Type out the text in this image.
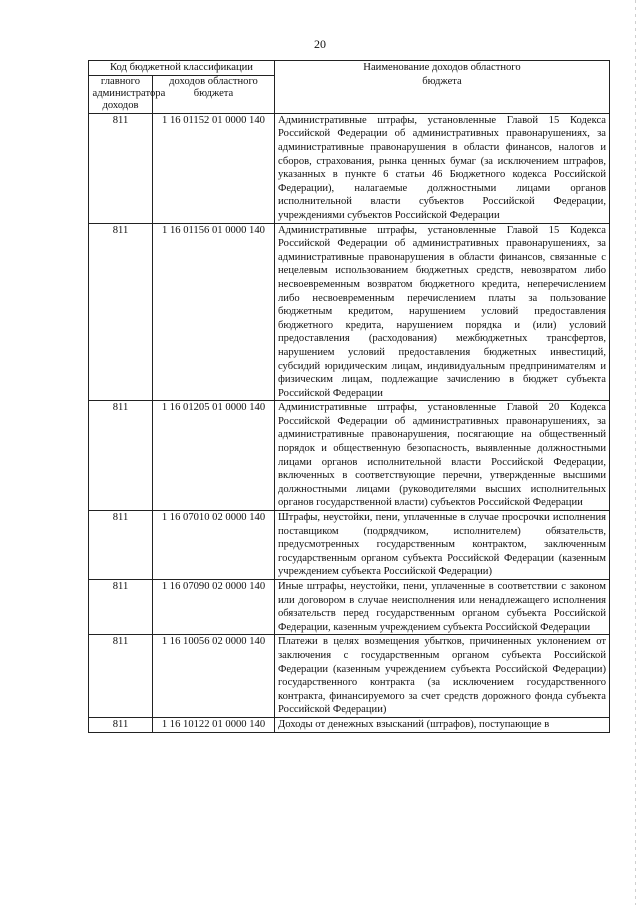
20
Код бюджетной классификации		Наименование доходов областного бюджета

главного администратора доходов	доходов областного бюджета	

811	1 16 01152 01 0000 140	Административные штрафы, установленные Главой 15 Кодекса Российской Федерации об административных правонарушениях, за административные правонарушения в области финансов, налогов и сборов, страхования, рынка ценных бумаг (за исключением штрафов, указанных в пункте 6 статьи 46 Бюджетного кодекса Российской Федерации), налагаемые должностными лицами органов исполнительной власти субъектов Российской Федерации, учреждениями субъектов Российской Федерации
811	1 16 01156 01 0000 140	Административные штрафы, установленные Главой 15 Кодекса Российской Федерации об административных правонарушениях, за административные правонарушения в области финансов, связанные с нецелевым использованием бюджетных средств, невозвратом либо несвоевременным возвратом бюджетного кредита, неперечислением либо несвоевременным перечислением платы за пользование бюджетным кредитом, нарушением условий предоставления бюджетного кредита, нарушением порядка и (или) условий предоставления (расходования) межбюджетных трансфертов, нарушением условий предоставления бюджетных инвестиций, субсидий юридическим лицам, индивидуальным предпринимателям и физическим лицам, подлежащие зачислению в бюджет субъекта Российской Федерации
811	1 16 01205 01 0000 140	Административные штрафы, установленные Главой 20 Кодекса Российской Федерации об административных правонарушениях, за административные правонарушения, посягающие на общественный порядок и общественную безопасность, выявленные должностными лицами органов исполнительной власти Российской Федерации, включенных в соответствующие перечни, утвержденные высшими должностными лицами (руководителями высших исполнительных органов государственной власти) субъектов Российской Федерации
811	1 16 07010 02 0000 140	Штрафы, неустойки, пени, уплаченные в случае просрочки исполнения поставщиком (подрядчиком, исполнителем) обязательств, предусмотренных государственным контрактом, заключенным государственным органом субъекта Российской Федерации (казенным учреждением субъекта Российской Федерации)
811	1 16 07090 02 0000 140	Иные штрафы, неустойки, пени, уплаченные в соответствии с законом или договором в случае неисполнения или ненадлежащего исполнения обязательств перед государственным органом субъекта Российской Федерации, казенным учреждением субъекта Российской Федерации
811	1 16 10056 02 0000 140	Платежи в целях возмещения убытков, причиненных уклонением от заключения с государственным органом субъекта Российской Федерации (казенным учреждением субъекта Российской Федерации) государственного контракта (за исключением государственного контракта, финансируемого за счет средств дорожного фонда субъекта Российской Федерации)
811	1 16 10122 01 0000 140	Доходы от денежных взысканий (штрафов), поступающие в
